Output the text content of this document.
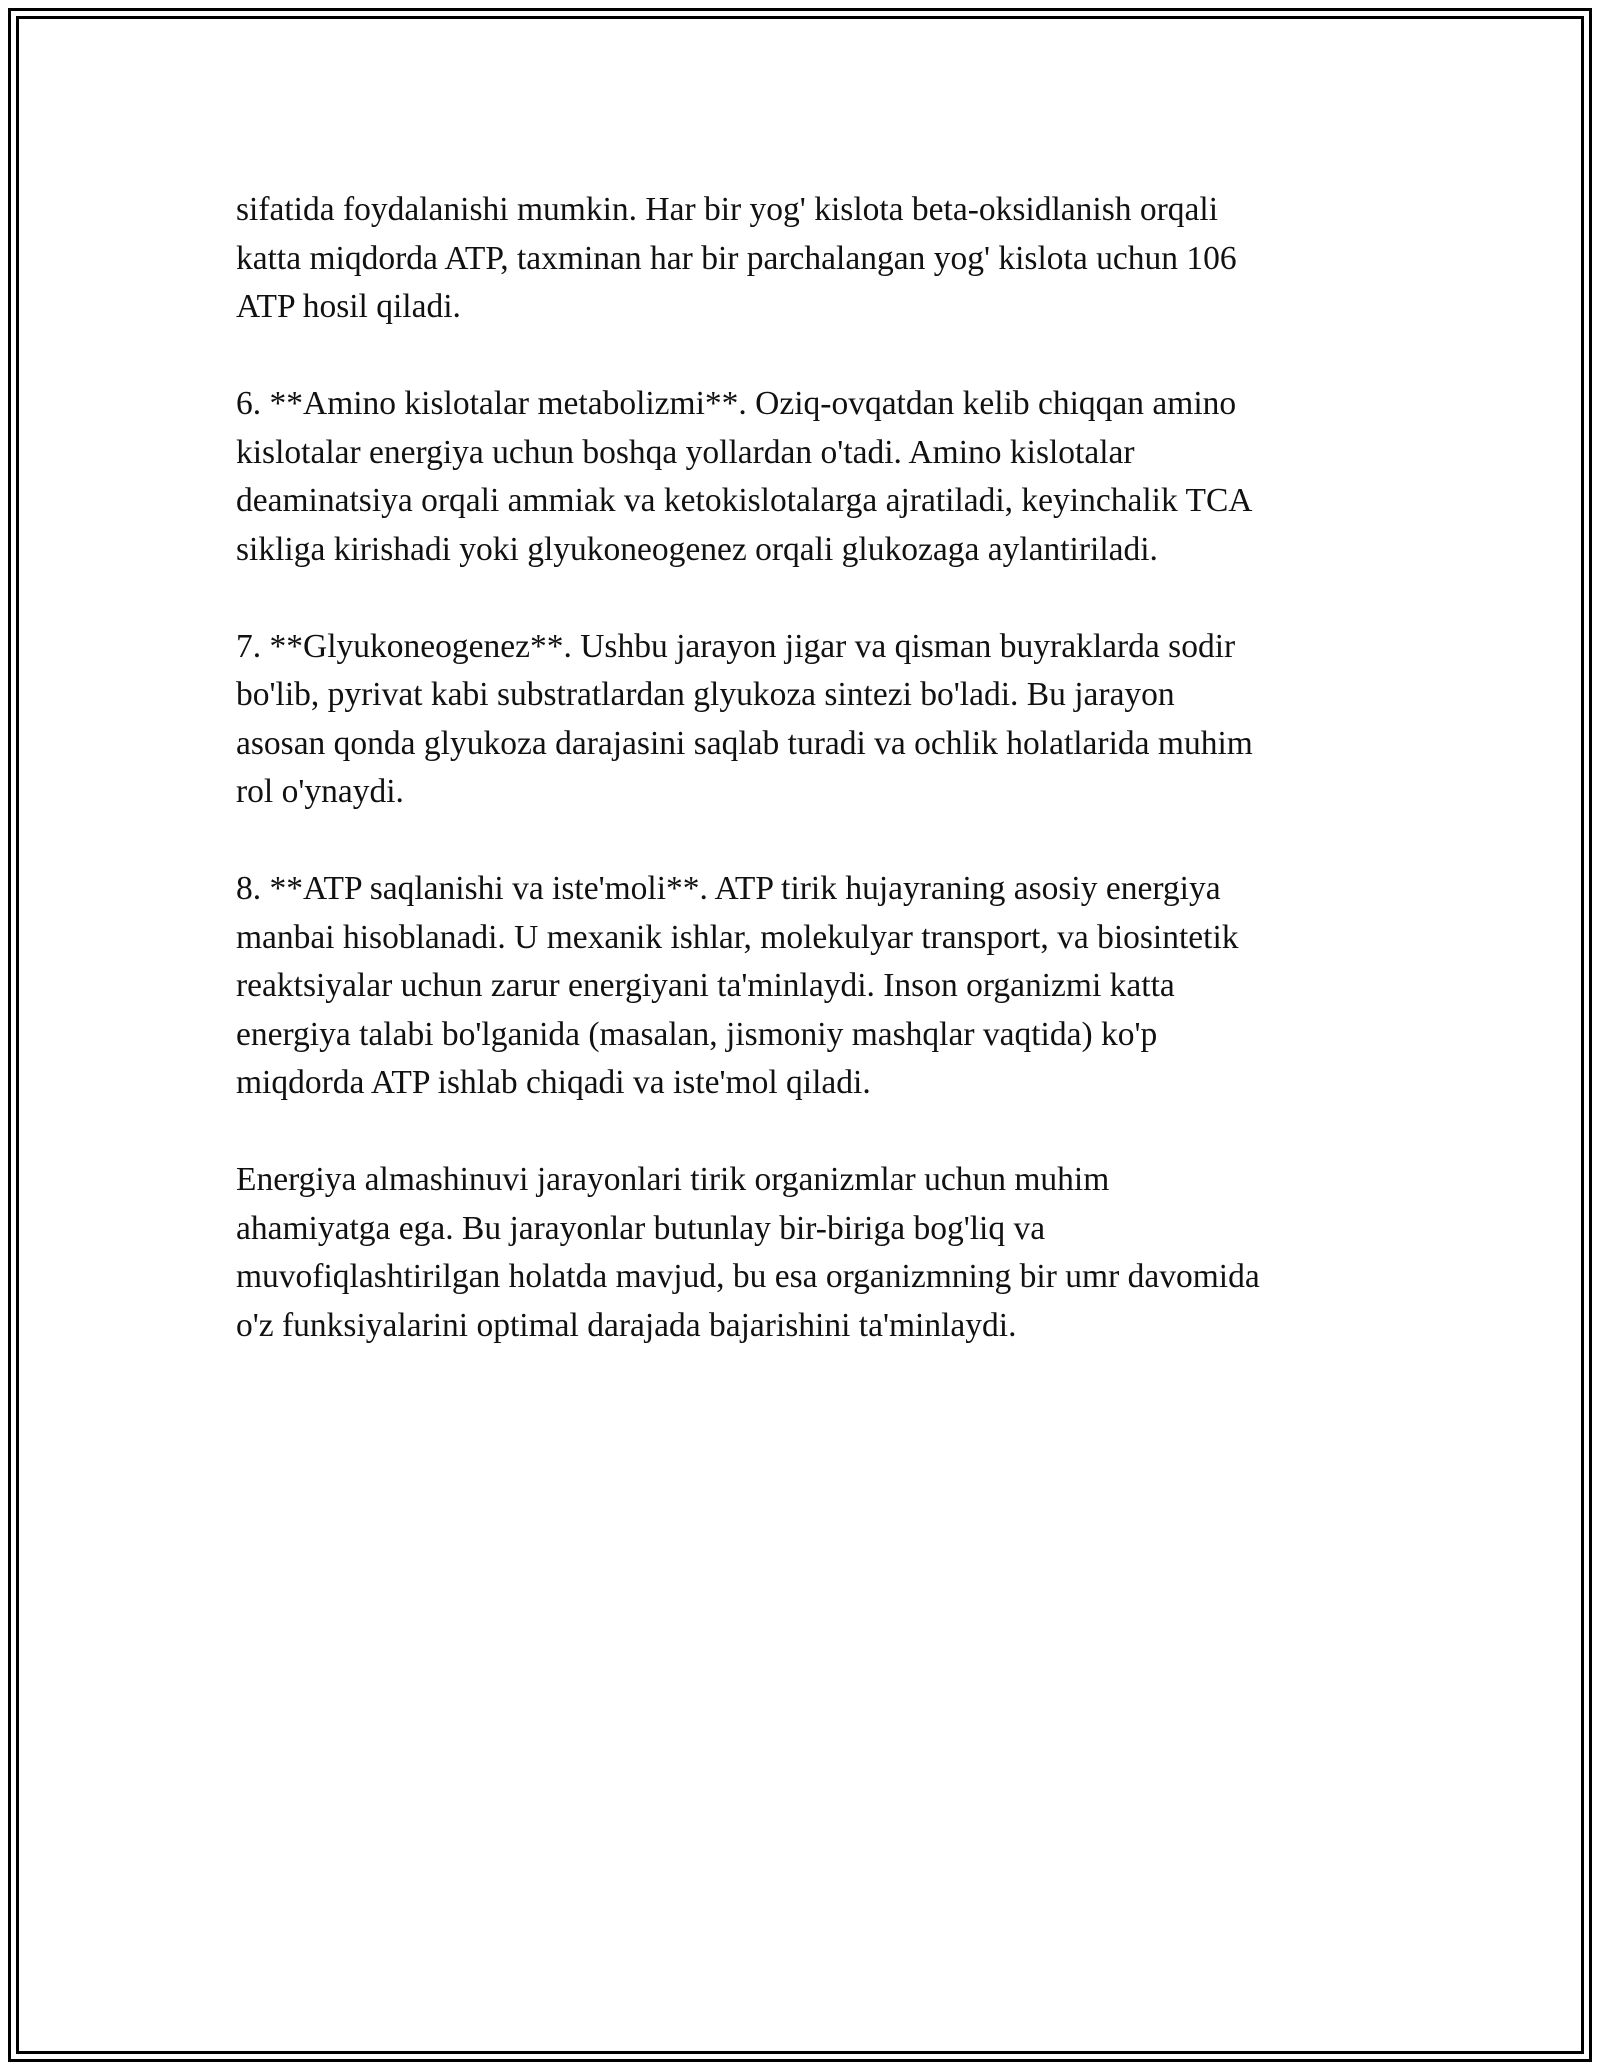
sifatida foydalanishi mumkin. Har bir yog' kislota beta-oksidlanish orqali
katta miqdorda ATP, taxminan har bir parchalangan yog' kislota uchun 106
ATP hosil qiladi.

6. **Amino kislotalar metabolizmi**. Oziq-ovqatdan kelib chiqqan amino
kislotalar energiya uchun boshqa yollardan o'tadi. Amino kislotalar
deaminatsiya orqali ammiak va ketokislotalarga ajratiladi, keyinchalik TCA
sikliga kirishadi yoki glyukoneogenez orqali glukozaga aylantiriladi.

7. **Glyukoneogenez**. Ushbu jarayon jigar va qisman buyraklarda sodir
bo'lib, pyrivat kabi substratlardan glyukoza sintezi bo'ladi. Bu jarayon
asosan qonda glyukoza darajasini saqlab turadi va ochlik holatlarida muhim
rol o'ynaydi.

8. **ATP saqlanishi va iste'moli**. ATP tirik hujayraning asosiy energiya
manbai hisoblanadi. U mexanik ishlar, molekulyar transport, va biosintetik
reaktsiyalar uchun zarur energiyani ta'minlaydi. Inson organizmi katta
energiya talabi bo'lganida (masalan, jismoniy mashqlar vaqtida) ko'p
miqdorda ATP ishlab chiqadi va iste'mol qiladi.

Energiya almashinuvi jarayonlari tirik organizmlar uchun muhim
ahamiyatga ega. Bu jarayonlar butunlay bir-biriga bog'liq va
muvofiqlashtirilgan holatda mavjud, bu esa organizmning bir umr davomida
o'z funksiyalarini optimal darajada bajarishini ta'minlaydi.
